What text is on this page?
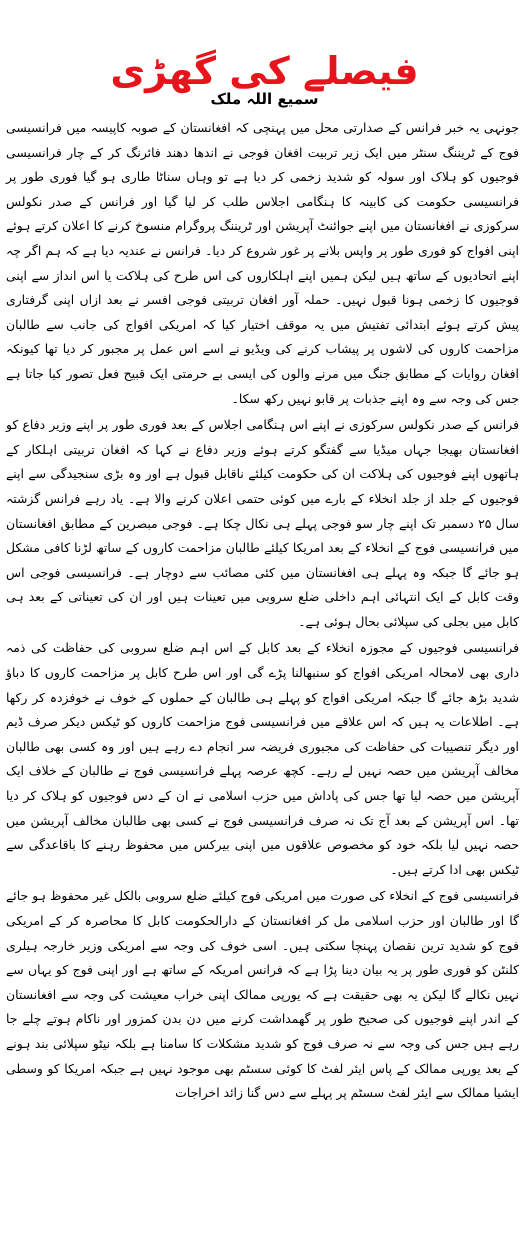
فیصلے کی گھڑی
سمیع اللہ ملک

جونہی یہ خبر فرانس کے صدارتی محل میں پہنچی کہ افغانستان کے صوبہ کاپیسہ میں فرانسیسی فوج کے ٹریننگ سنٹر میں ایک زیر تربیت افغان فوجی نے اندھا دھند فائرنگ کر کے چار فرانسیسی فوجیوں کو ہلاک اور سولہ کو شدید زخمی کر دیا ہے تو وہاں سناٹا طاری ہو گیا فوری طور پر فرانسیسی حکومت کی کابینہ کا ہنگامی اجلاس طلب کر لیا گیا اور فرانس کے صدر نکولس سرکوزی نے افغانستان میں اپنے جوائنٹ آپریشن اور ٹریننگ پروگرام منسوخ کرنے کا اعلان کرتے ہوئے اپنی افواج کو فوری طور پر واپس بلانے پر غور شروع کر دیا۔ فرانس نے عندیہ دیا ہے کہ ہم اگر چہ اپنے اتحادیوں کے ساتھ ہیں لیکن ہمیں اپنے اہلکاروں کی اس طرح کی ہلاکت یا اس انداز سے اپنی فوجیوں کا زخمی ہونا قبول نہیں۔ حملہ آور افغان تربیتی فوجی افسر نے بعد ازاں اپنی گرفتاری پیش کرتے ہوئے ابتدائی تفتیش میں یہ موقف اختیار کیا کہ امریکی افواج کی جانب سے طالبان مزاحمت کاروں کی لاشوں پر پیشاب کرنے کی ویڈیو نے اسے اس عمل پر مجبور کر دیا تھا کیونکہ افغان روایات کے مطابق جنگ میں مرنے والوں کی ایسی بے حرمتی ایک قبیح فعل تصور کیا جاتا ہے جس کی وجہ سے وہ اپنے جذبات پر قابو نہیں رکھ سکا۔

فرانس کے صدر نکولس سرکوزی نے اپنے اس ہنگامی اجلاس کے بعد فوری طور پر اپنے وزیر دفاع کو افغانستان بھیجا جہاں میڈیا سے گفتگو کرتے ہوئے وزیر دفاع نے کہا کہ افغان تربیتی اہلکار کے ہاتھوں اپنے فوجیوں کی ہلاکت ان کی حکومت کیلئے ناقابل قبول ہے اور وہ بڑی سنجیدگی سے اپنے فوجیوں کے جلد از جلد انخلاء کے بارے میں کوئی حتمی اعلان کرنے والا ہے۔ یاد رہے فرانس گزشتہ سال ۲۵ دسمبر تک اپنے چار سو فوجی پہلے ہی نکال چکا ہے۔ فوجی مبصرین کے مطابق افغانستان میں فرانسیسی فوج کے انخلاء کے بعد امریکا کیلئے طالبان مزاحمت کاروں کے ساتھ لڑنا کافی مشکل ہو جائے گا جبکہ وہ پہلے ہی افغانستان میں کئی مصائب سے دوچار ہے۔ فرانسیسی فوجی اس وقت کابل کے ایک انتہائی اہم داخلی ضلع سروبی میں تعینات ہیں اور ان کی تعیناتی کے بعد ہی کابل میں بجلی کی سپلائی بحال ہوئی ہے۔

فرانسیسی فوجیوں کے مجوزہ انخلاء کے بعد کابل کے اس اہم ضلع سروبی کی حفاظت کی ذمہ داری بھی لامحالہ امریکی افواج کو سنبھالنا پڑے گی اور اس طرح کابل پر مزاحمت کاروں کا دباؤ شدید بڑھ جائے گا جبکہ امریکی افواج کو پہلے ہی طالبان کے حملوں کے خوف نے خوفزدہ کر رکھا ہے۔ اطلاعات یہ ہیں کہ اس علاقے میں فرانسیسی فوج مزاحمت کاروں کو ٹیکس دیکر صرف ڈیم اور دیگر تنصیبات کی حفاظت کی مجبوری فریضہ سر انجام دے رہے ہیں اور وہ کسی بھی طالبان مخالف آپریشن میں حصہ نہیں لے رہے۔ کچھ عرصہ پہلے فرانسیسی فوج نے طالبان کے خلاف ایک آپریشن میں حصہ لیا تھا جس کی پاداش میں حزب اسلامی نے ان کے دس فوجیوں کو ہلاک کر دیا تھا۔ اس آپریشن کے بعد آج تک نہ صرف فرانسیسی فوج نے کسی بھی طالبان مخالف آپریشن میں حصہ نہیں لیا بلکہ خود کو مخصوص علاقوں میں اپنی بیرکس میں محفوظ رہنے کا باقاعدگی سے ٹیکس بھی ادا کرتے ہیں۔

فرانسیسی فوج کے انخلاء کی صورت میں امریکی فوج کیلئے ضلع سروبی بالکل غیر محفوظ ہو جائے گا اور طالبان اور حزب اسلامی مل کر افغانستان کے دارالحکومت کابل کا محاصرہ کر کے امریکی فوج کو شدید ترین نقصان پہنچا سکتی ہیں۔ اسی خوف کی وجہ سے امریکی وزیر خارجہ ہیلری کلنٹن کو فوری طور پر یہ بیان دینا پڑا ہے کہ فرانس امریکہ کے ساتھ ہے اور اپنی فوج کو یہاں سے نہیں نکالے گا لیکن یہ بھی حقیقت ہے کہ یورپی ممالک اپنی خراب معیشت کی وجہ سے افغانستان کے اندر اپنے فوجیوں کی صحیح طور پر گھمداشت کرنے میں دن بدن کمزور اور ناکام ہوتے چلے جا رہے ہیں جس کی وجہ سے نہ صرف فوج کو شدید مشکلات کا سامنا ہے بلکہ نیٹو سپلائی بند ہونے کے بعد یورپی ممالک کے پاس ایئر لفٹ کا کوئی سسٹم بھی موجود نہیں ہے جبکہ امریکا کو وسطی ایشیا ممالک سے ایئر لفٹ سسٹم پر پہلے سے دس گنا زائد اخراجات
